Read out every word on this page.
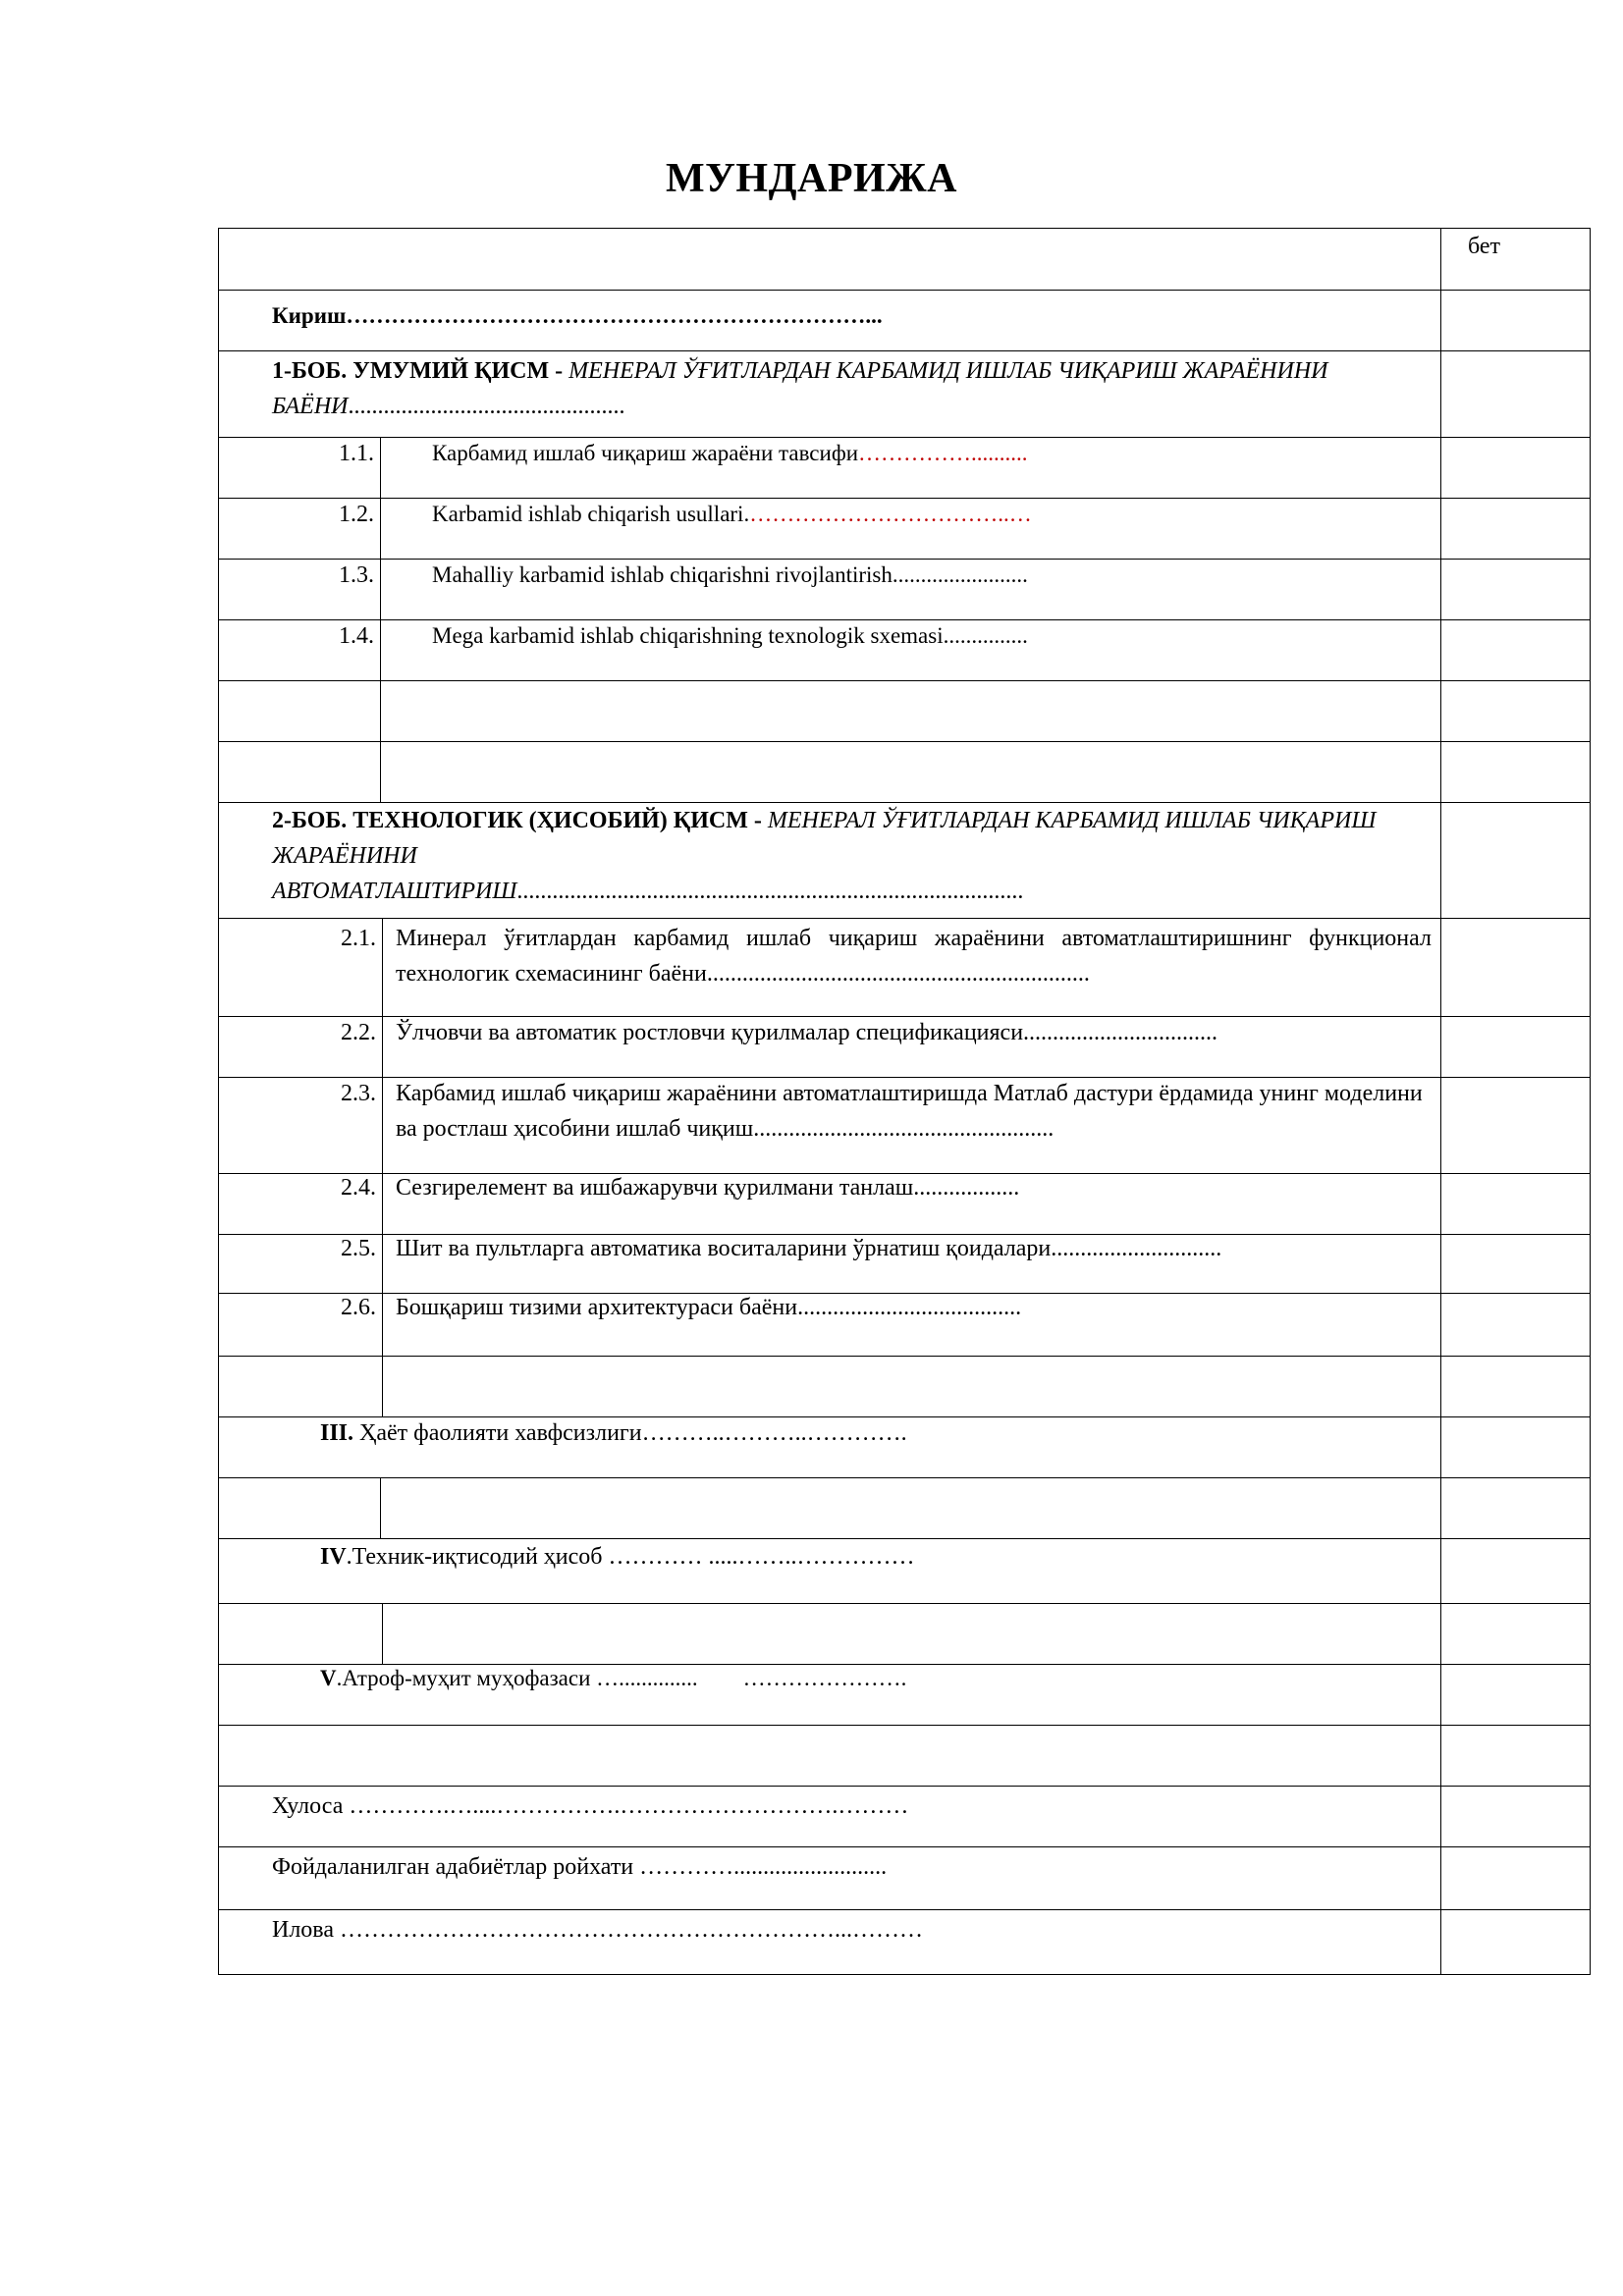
МУНДАРИЖА
бет
Кириш……………………………………………………………...
1-БОБ. УМУМИЙ ҚИСМ - МЕНЕРАЛ ЎҒИТЛАРДАН КАРБАМИД ИШЛАБ ЧИҚАРИШ ЖАРАЁНИНИ БАЁНИ...............................................
1.1.	Карбамид ишлаб чиқариш жараёни тавсифи……………..........
1.2.	Karbamid ishlab chiqarish usullari.……………………………..…
1.3.	Mahalliy karbamid ishlab chiqarishni rivojlantirish........................
1.4.	Mega karbamid ishlab chiqarishning texnologik sxemasi...............
2-БОБ. ТЕХНОЛОГИК (ҲИСОБИЙ) ҚИСМ - МЕНЕРАЛ ЎҒИТЛАРДАН КАРБАМИД ИШЛАБ ЧИҚАРИШ ЖАРАЁНИНИ
АВТОМАТЛАШТИРИШ......................................................................................
2.1. Минерал ўғитлардан карбамид ишлаб чиқариш жараёнини автоматлаштиришнинг функционал технологик схемасининг баёни.................................................................
2.2. Ўлчовчи ва автоматик ростловчи қурилмалар спецификацияси.................................
2.3. Карбамид ишлаб чиқариш жараёнини автоматлаштиришда Матлаб дастури ёрдамида унинг моделини ва ростлаш ҳисобини ишлаб чиқиш...................................................
2.4. Сезгирелемент ва ишбажарувчи қурилмани танлаш..................
2.5. Шит ва пультларга автоматика воситаларини ўрнатиш қоидалари.............................
2.6. Бошқариш тизими архитектураси баёни......................................
III. Ҳаёт фаолияти хавфсизлиги………..………..………….
IV.Техник-иқтисодий ҳисоб ………… .....……..……………
V.Атроф-муҳит муҳофазаси …..............        ………………….
Хулоса ………….…....…………….……………………….………
Фойдаланилган адабиётлар ройхати …………..........................
Илова ………………………………………………………...………
